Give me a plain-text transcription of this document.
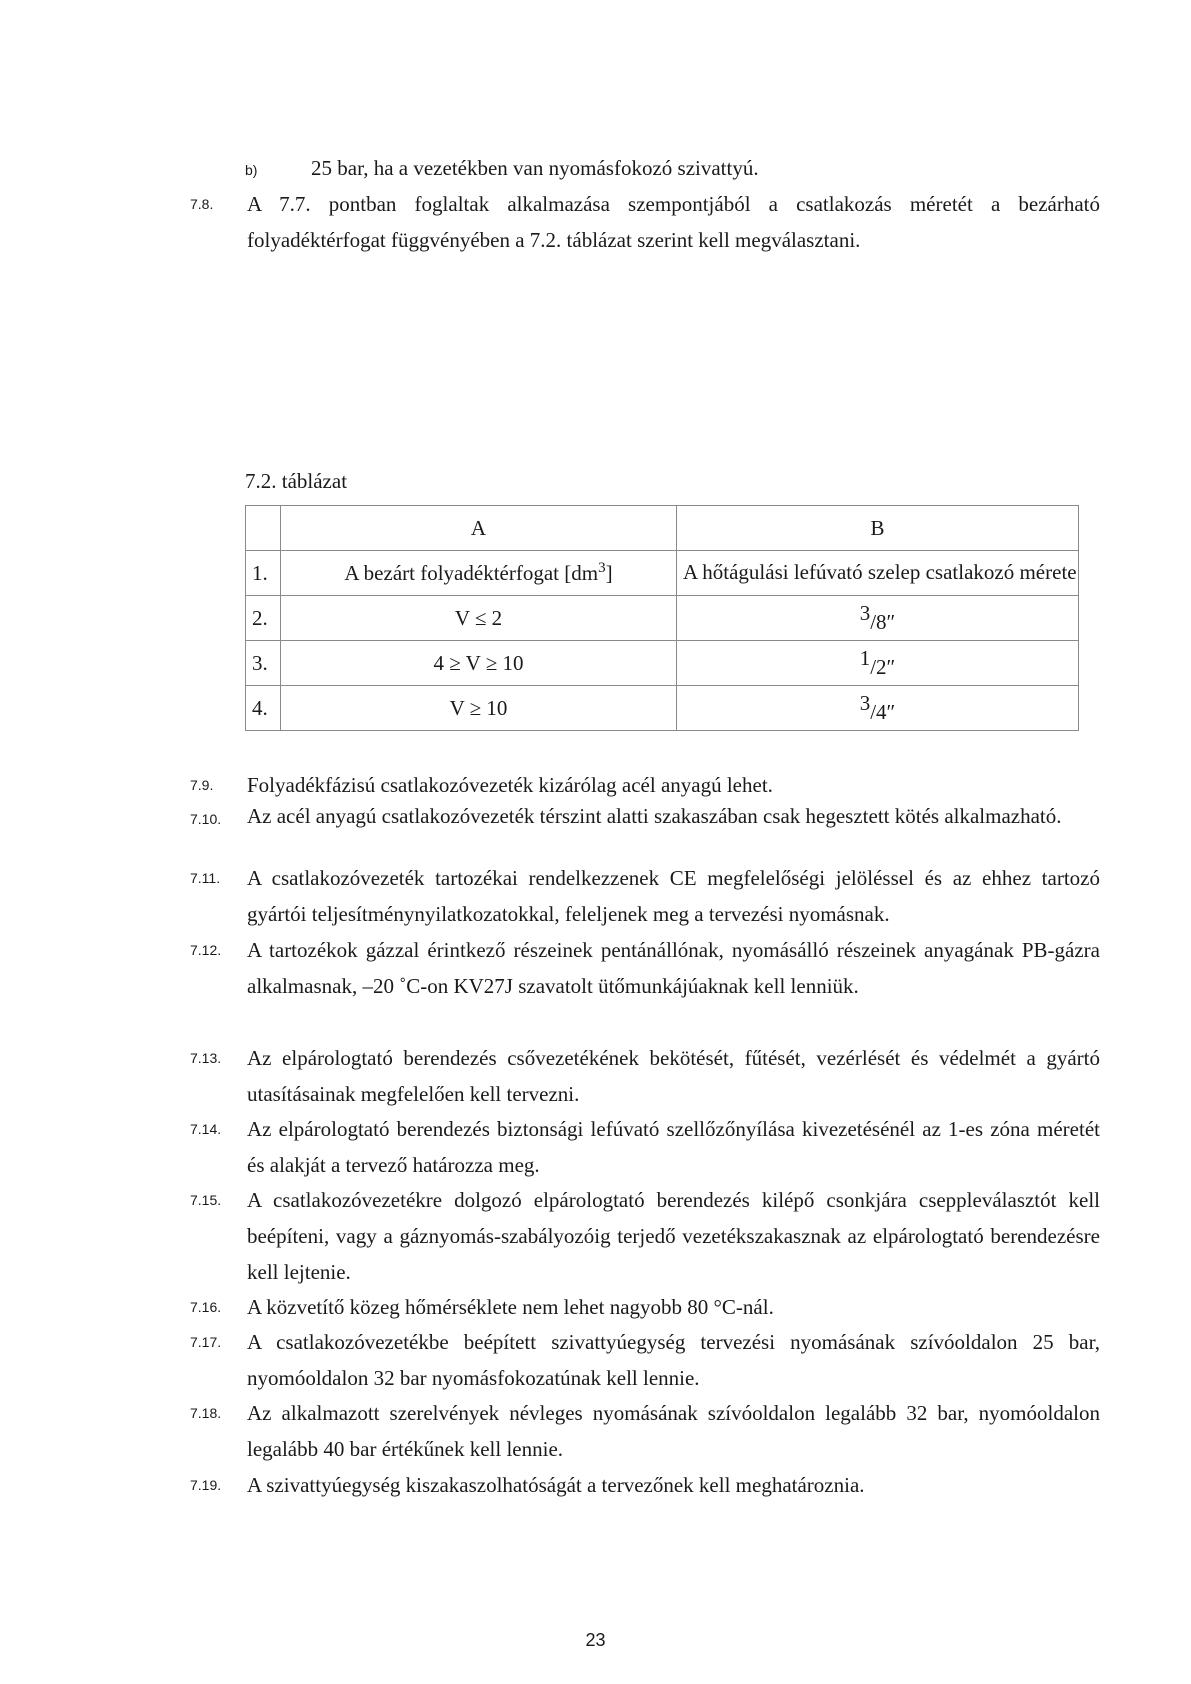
b)	25 bar, ha a vezetékben van nyomásfokozó szivattyú.
7.8.	A 7.7. pontban foglaltak alkalmazása szempontjából a csatlakozás méretét a bezárható folyadéktérfogat függvényében a 7.2. táblázat szerint kell megválasztani.
7.2. táblázat
	A	B
1.	A bezárt folyadéktérfogat $[dm^3]$	A hőtágulási lefúvató szelep csatlakozó mérete

2.	V ≤ 2	3/8″
3.	4 ≥ V ≥ 10	1/2″
4.	V ≥ 10	3/4″
7.9.	Folyadékfázisú csatlakozóvezeték kizárólag acél anyagú lehet.
7.10.	Az acél anyagú csatlakozóvezeték térszint alatti szakaszában csak hegesztett kötés alkalmazható.
7.11.	A csatlakozóvezeték tartozékai rendelkezzenek CE megfelelőségi jelöléssel és az ehhez tartozó gyártói teljesítménynyilatkozatokkal, feleljenek meg a tervezési nyomásnak.
7.12.	A tartozékok gázzal érintkező részeinek pentánállónak, nyomásálló részeinek anyagának PB-gázra alkalmasnak, –20 ˚C-on KV27J szavatolt ütőmunkájúaknak kell lenniük.
7.13.	Az elpárologtató berendezés csővezetékének bekötését, fűtését, vezérlését és védelmét a gyártó utasításainak megfelelően kell tervezni.
7.14.	Az elpárologtató berendezés biztonsági lefúvató szellőzőnyílása kivezetésénél az 1-es zóna méretét és alakját a tervező határozza meg.
7.15.	A csatlakozóvezetékre dolgozó elpárologtató berendezés kilépő csonkjára cseppleválasztót kell beépíteni, vagy a gáznyomás-szabályozóig terjedő vezetékszakasznak az elpárologtató berendezésre kell lejtenie.
7.16.	A közvetítő közeg hőmérséklete nem lehet nagyobb 80 °C-nál.
7.17.	A csatlakozóvezetékbe beépített szivattyúegység tervezési nyomásának szívóoldalon 25 bar, nyomóoldalon 32 bar nyomásfokozatúnak kell lennie.
7.18.	Az alkalmazott szerelvények névleges nyomásának szívóoldalon legalább 32 bar, nyomóoldalon legalább 40 bar értékűnek kell lennie.
7.19.	A szivattyúegység kiszakaszolhatóságát a tervezőnek kell meghatároznia.
23
